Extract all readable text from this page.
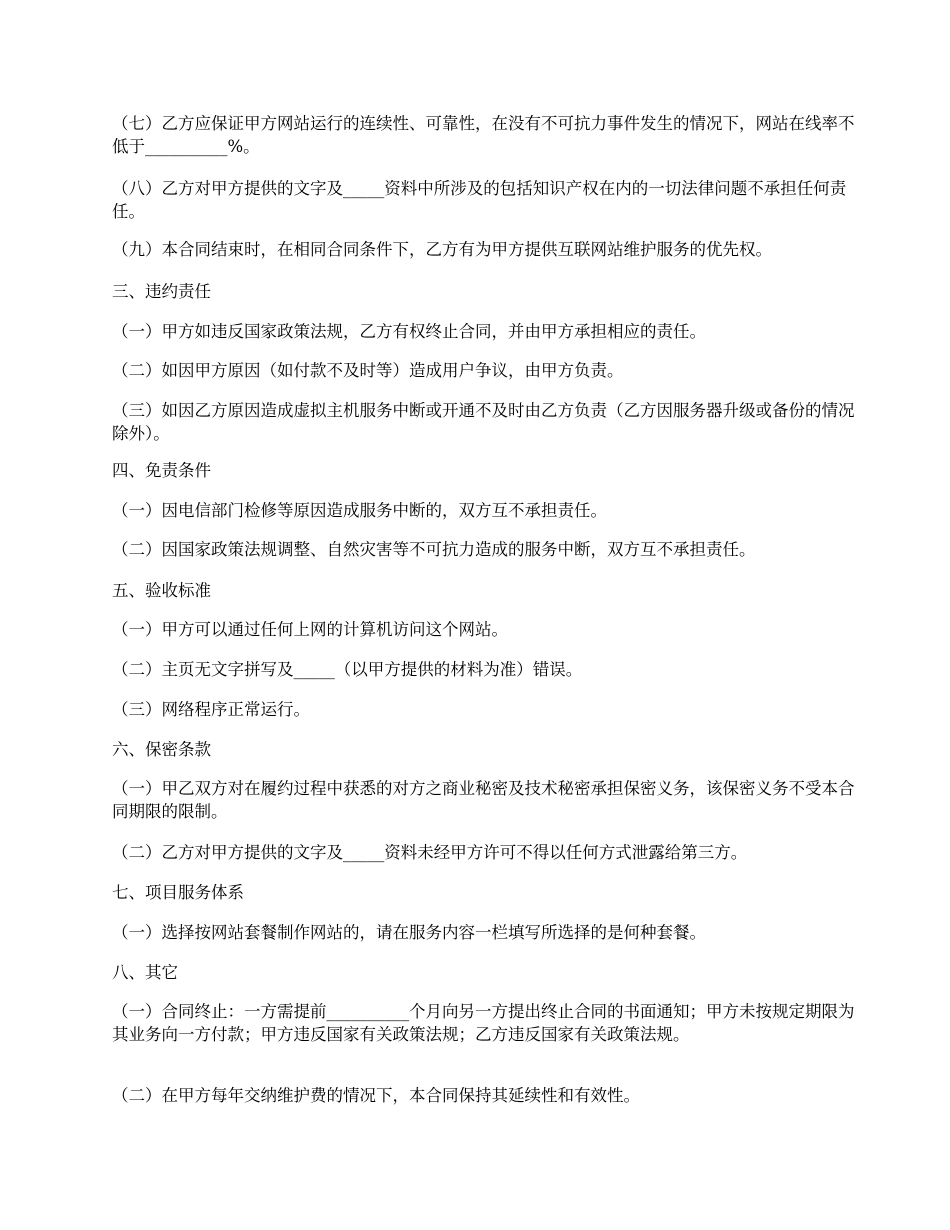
（七）乙方应保证甲方网站运行的连续性、可靠性，在没有不可抗力事件发生的情况下，网站在线率不低于__________%。
（八）乙方对甲方提供的文字及_____资料中所涉及的包括知识产权在内的一切法律问题不承担任何责任。
（九）本合同结束时，在相同合同条件下，乙方有为甲方提供互联网站维护服务的优先权。
三、违约责任
（一）甲方如违反国家政策法规，乙方有权终止合同，并由甲方承担相应的责任。
（二）如因甲方原因（如付款不及时等）造成用户争议，由甲方负责。
（三）如因乙方原因造成虚拟主机服务中断或开通不及时由乙方负责（乙方因服务器升级或备份的情况除外）。
四、免责条件
（一）因电信部门检修等原因造成服务中断的，双方互不承担责任。
（二）因国家政策法规调整、自然灾害等不可抗力造成的服务中断，双方互不承担责任。
五、验收标准
（一）甲方可以通过任何上网的计算机访问这个网站。
（二）主页无文字拼写及_____（以甲方提供的材料为准）错误。
（三）网络程序正常运行。
六、保密条款
（一）甲乙双方对在履约过程中获悉的对方之商业秘密及技术秘密承担保密义务，该保密义务不受本合同期限的限制。
（二）乙方对甲方提供的文字及_____资料未经甲方许可不得以任何方式泄露给第三方。
七、项目服务体系
（一）选择按网站套餐制作网站的，请在服务内容一栏填写所选择的是何种套餐。
八、其它
（一）合同终止：一方需提前__________个月向另一方提出终止合同的书面通知；甲方未按规定期限为其业务向一方付款；甲方违反国家有关政策法规；乙方违反国家有关政策法规。
（二）在甲方每年交纳维护费的情况下，本合同保持其延续性和有效性。
